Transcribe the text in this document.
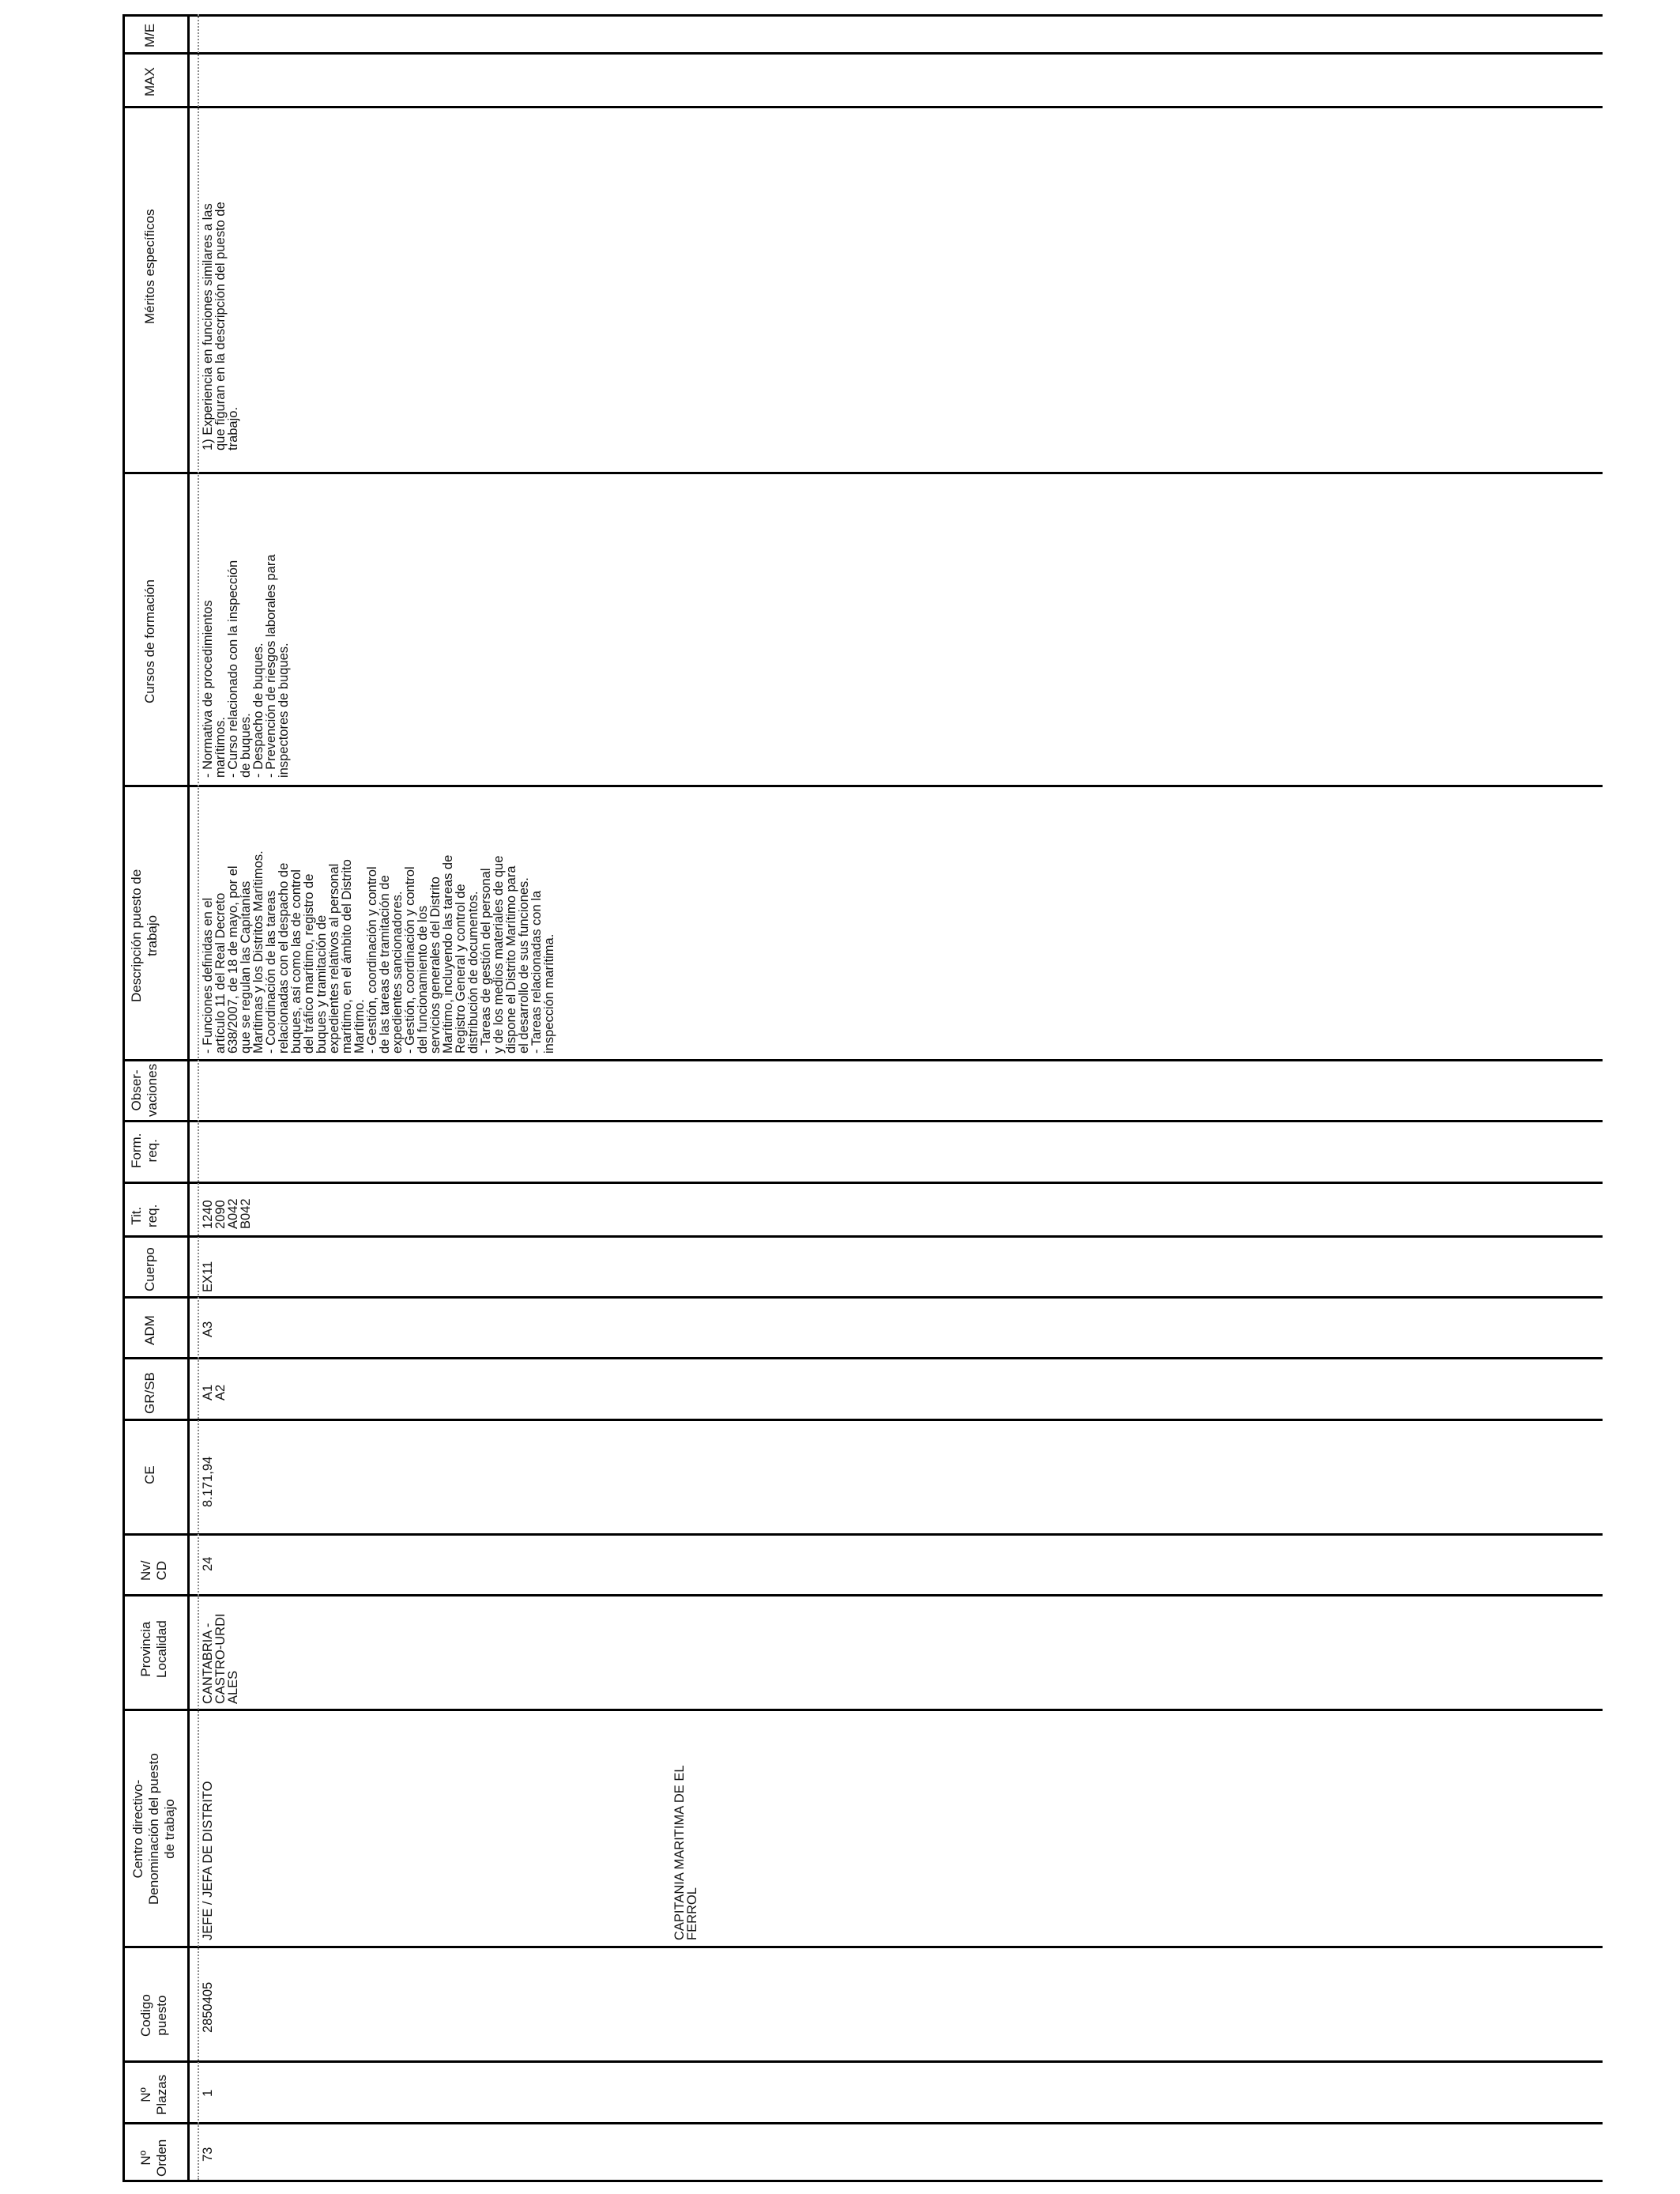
M/E
MAX
Méritos específicos
Cursos de formación
Descripción puesto de trabajo
Obser- vaciones
Form. req.
Tit. req.
Cuerpo
ADM
GR/SB
CE
Nv/ CD
Provincia Localidad
Centro directivo- Denominación del puesto de trabajo
Codigo puesto
Nº Plazas
Nº Orden
1) Experiencia en funciones similares a las
que figuran en la descripción del puesto de
trabajo.
- Normativa de procedimientos
marítimos.
- Curso relacionado con la inspección
de buques.
- Despacho de buques.
- Prevención de riesgos laborales para
inspectores de buques.
- Funciones definidas en el
artículo 11 del Real Decreto
638/2007, de 18 de mayo, por el
que se regulan las Capitanías
Marítimas y los Distritos Marítimos.
- Coordinación de las tareas
relacionadas con el despacho de
buques, así como las de control
del tráfico marítimo, registro de
buques y tramitación de
expedientes relativos al personal
marítimo, en el ámbito del Distrito
Marítimo.
- Gestión, coordinación y control
de las tareas de tramitación de
expedientes sancionadores.
- Gestión, coordinación y control
del funcionamiento de los
servicios generales del Distrito
Marítimo, incluyendo las tareas de
Registro General y control de
distribución de documentos.
- Tareas de gestión del personal
y de los medios materiales de que
dispone el Distrito Marítimo para
el desarrollo de sus funciones.
- Tareas relacionadas con la
inspección marítima.
1240
2090
A042
B042
EX11
A3
A1
A2
8.171,94
24
CANTABRIA -
CASTRO-URDI
ALES
JEFE / JEFA DE DISTRITO	CAPITANIA MARITIMA DE EL
FERROL
2850405
1
73
